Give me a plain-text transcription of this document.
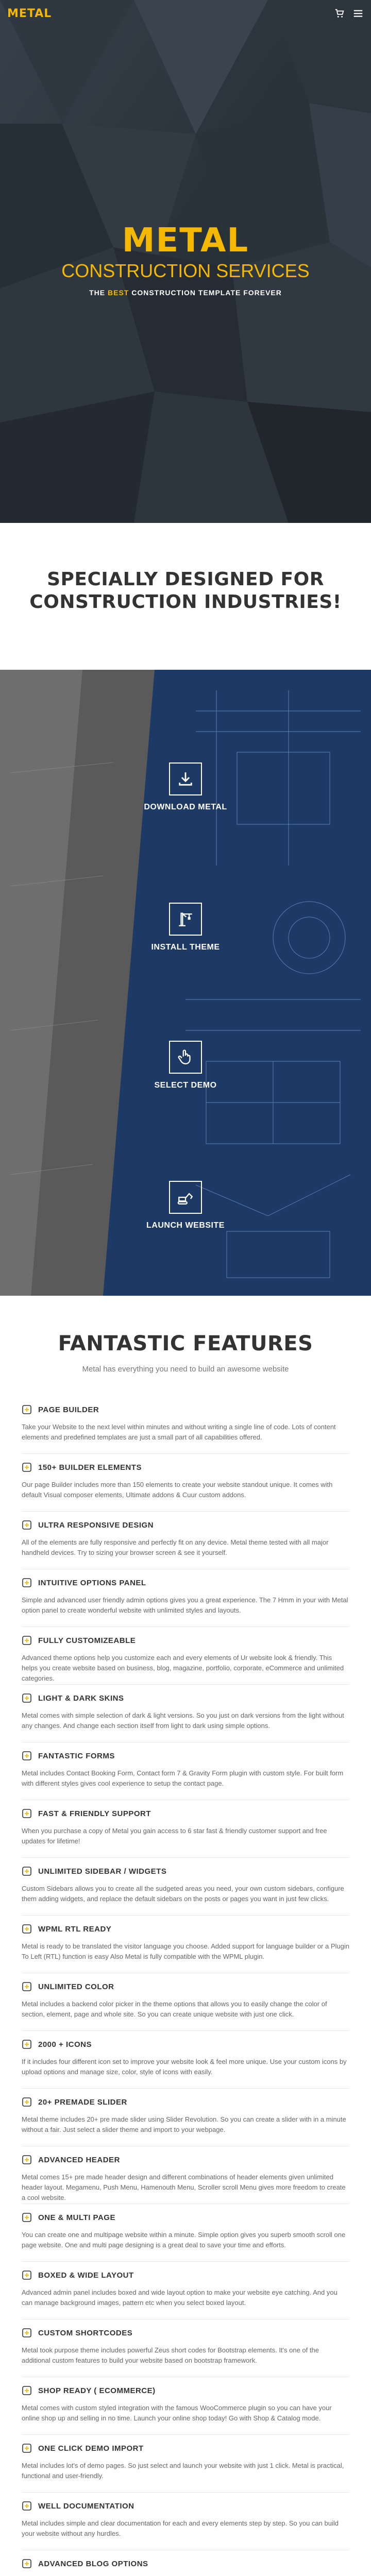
METAL
METAL
CONSTRUCTION SERVICES
THE BEST CONSTRUCTION TEMPLATE FOREVER
SPECIALLY DESIGNED FOR
CONSTRUCTION INDUSTRIES!
DOWNLOAD METAL
INSTALL THEME
SELECT DEMO
LAUNCH WEBSITE
FANTASTIC FEATURES

Metal has everything you need to build an awesome website

PAGE BUILDER

Take your Website to the next level within minutes and without writing a single line of code. Lots of content elements and predefined templates are just a small part of all capabilities offered.

150+ BUILDER ELEMENTS

Our page Builder includes more than 150 elements to create your website standout unique. It comes with default Visual composer elements, Ultimate addons & Cuur custom addons.

ULTRA RESPONSIVE DESIGN

All of the elements are fully responsive and perfectly fit on any device. Metal theme tested with all major handheld devices. Try to sizing your browser screen & see it yourself.

INTUITIVE OPTIONS PANEL

Simple and advanced user friendly admin options gives you a great experience. The 7 Hmm in your with Metal option panel to create wonderful website with unlimited styles and layouts.

FULLY CUSTOMIZEABLE

Advanced theme options help you customize each and every elements of Ur website look & friendly. This helps you create website based on business, blog, magazine, portfolio, corporate, eCommerce and unlimited categories.

LIGHT & DARK SKINS

Metal comes with simple selection of dark & light versions. So you just on dark versions from the light without any changes. And change each section itself from light to dark using simple options.

FANTASTIC FORMS

Metal includes Contact Booking Form, Contact form 7 & Gravity Form plugin with custom style. For built form with different styles gives cool experience to setup the contact page.

FAST & FRIENDLY SUPPORT

When you purchase a copy of Metal you gain access to 6 star fast & friendly customer support and free updates for lifetime!

UNLIMITED SIDEBAR / WIDGETS

Custom Sidebars allows you to create all the sudgeted areas you need, your own custom sidebars, configure them adding widgets, and replace the default sidebars on the posts or pages you want in just few clicks.

WPML RTL READY

Metal is ready to be translated the visitor language you choose. Added support for language builder or a Plugin To Left (RTL) function is easy Also Metal is fully compatible with the WPML plugin.

UNLIMITED COLOR

Metal includes a backend color picker in the theme options that allows you to easily change the color of section, element, page and whole site. So you can create unique website with just one click.

2000 + ICONS

If it includes four different icon set to improve your website look & feel more unique. Use your custom icons by upload options and manage size, color, style of icons with easily.

20+ PREMADE SLIDER

Metal theme includes 20+ pre made slider using Slider Revolution. So you can create a slider with in a minute without a fair. Just select a slider theme and import to your webpage.

ADVANCED HEADER

Metal comes 15+ pre made header design and different combinations of header elements given unlimited header layout. Megamenu, Push Menu, Hamenouth Menu, Scroller scroll Menu gives more freedom to create a cool website.

ONE & MULTI PAGE

You can create one and multipage website within a minute. Simple option gives you superb smooth scroll one page website. One and multi page designing is a great deal to save your time and efforts.

BOXED & WIDE LAYOUT

Advanced admin panel includes boxed and wide layout option to make your website eye catching. And you can manage background images, pattern etc when you select boxed layout.

CUSTOM SHORTCODES

Metal took purpose theme includes powerful Zeus short codes for Bootstrap elements. It's one of the additional custom features to build your website based on bootstrap framework.

SHOP READY ( ECOMMERCE)

Metal comes with custom styled integration with the famous WooCommerce plugin so you can have your online shop up and selling in no time. Launch your online shop today! Go with Shop & Catalog mode.

ONE CLICK DEMO IMPORT

Metal includes lot's of demo pages. So just select and launch your website with just 1 click. Metal is practical, functional and user-friendly.

WELL DOCUMENTATION

Metal includes simple and clear documentation for each and every elements step by step. So you can build your website without any hurdles.

ADVANCED BLOG OPTIONS
